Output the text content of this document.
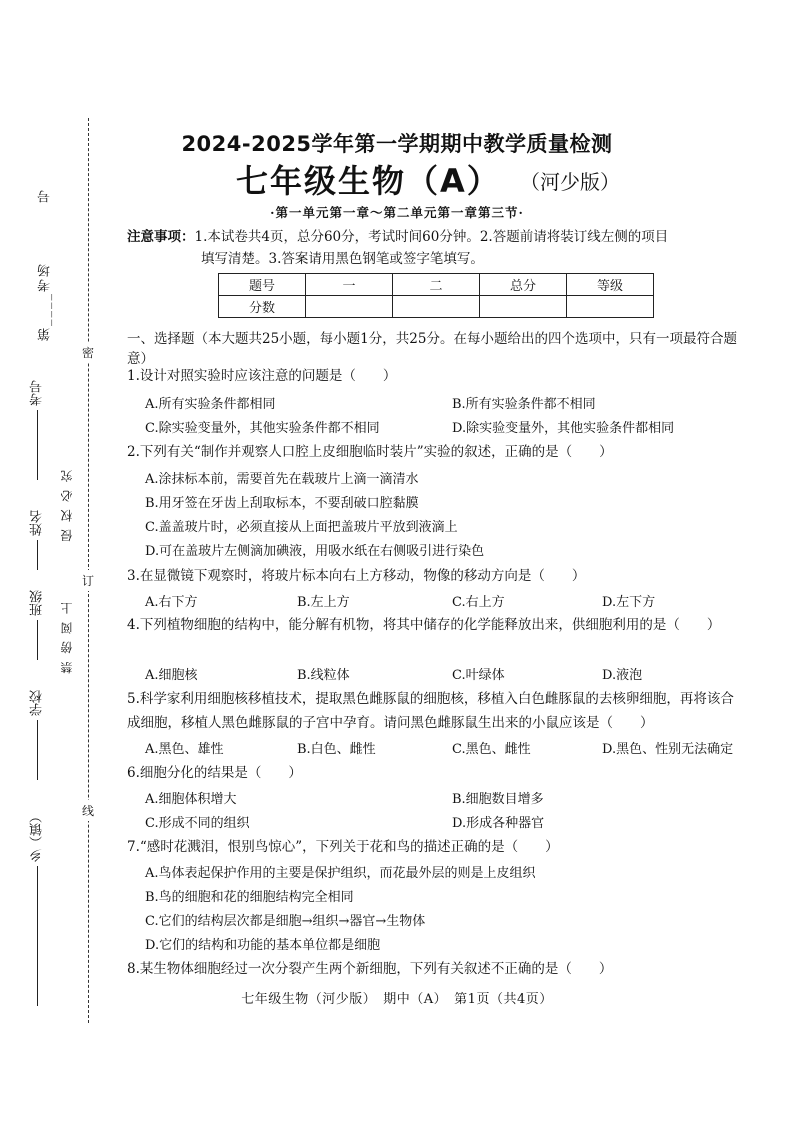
密
订
线
号
第____考场
考号
姓名
班级
学校
乡（镇）
侵 权 必 究
禁 傍 阅 上
2024-2025学年第一学期期中教学质量检测
七年级生物（A） （河少版）
·第一单元第一章～第二单元第一章第三节·
注意事项：1.本试卷共4页，总分60分，考试时间60分钟。2.答题前请将装订线左侧的项目
填写清楚。3.答案请用黑色钢笔或签字笔填写。
题号	一	二	总分	等级
分数				
一、选择题（本大题共25小题，每小题1分，共25分。在每小题给出的四个选项中，只有一项最符合题意）
1.设计对照实验时应该注意的问题是（　　）
A.所有实验条件都相同	B.所有实验条件都不相同
C.除实验变量外，其他实验条件都不相同	D.除实验变量外，其他实验条件都相同
2.下列有关“制作并观察人口腔上皮细胞临时装片”实验的叙述，正确的是（　　）
A.涂抹标本前，需要首先在载玻片上滴一滴清水
B.用牙签在牙齿上刮取标本，不要刮破口腔黏膜
C.盖盖玻片时，必须直接从上面把盖玻片平放到液滴上
D.可在盖玻片左侧滴加碘液，用吸水纸在右侧吸引进行染色
3.在显微镜下观察时，将玻片标本向右上方移动，物像的移动方向是（　　）
A.右下方	B.左上方	C.右上方	D.左下方
4.下列植物细胞的结构中，能分解有机物，将其中储存的化学能释放出来，供细胞利用的是（　　）
A.细胞核	B.线粒体	C.叶绿体	D.液泡
5.科学家利用细胞核移植技术，提取黑色雌豚鼠的细胞核，移植入白色雌豚鼠的去核卵细胞，再将该合成细胞，移植人黑色雌豚鼠的子宫中孕育。请问黑色雌豚鼠生出来的小鼠应该是（　　）
A.黑色、雄性	B.白色、雌性	C.黑色、雌性	D.黑色、性别无法确定
6.细胞分化的结果是（　　）
A.细胞体积增大	B.细胞数目增多
C.形成不同的组织	D.形成各种器官
7.“感时花溅泪，恨别鸟惊心”，下列关于花和鸟的描述正确的是（　　）
A.鸟体表起保护作用的主要是保护组织，而花最外层的则是上皮组织
B.鸟的细胞和花的细胞结构完全相同
C.它们的结构层次都是细胞→组织→器官→生物体
D.它们的结构和功能的基本单位都是细胞
8.某生物体细胞经过一次分裂产生两个新细胞，下列有关叙述不正确的是（　　）
七年级生物（河少版）　期中（A）　第1页（共4页）
